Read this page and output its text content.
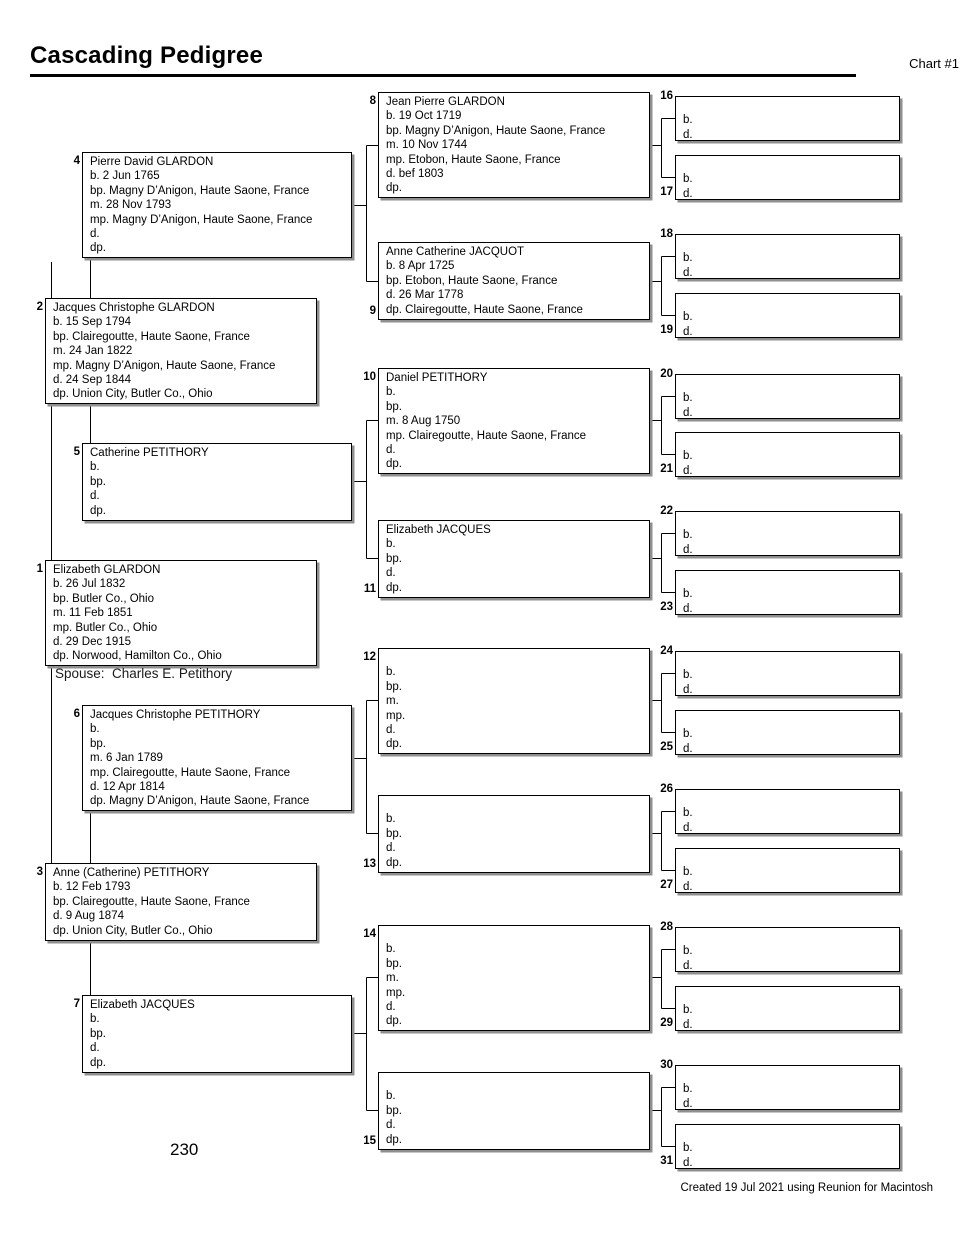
Cascading Pedigree	Chart #1
Elizabeth GLARDON
b. 26 Jul 1832
bp. Butler Co., Ohio
m. 11 Feb 1851
mp. Butler Co., Ohio
d. 29 Dec 1915
dp. Norwood, Hamilton Co., Ohio
1
Jacques Christophe GLARDON
b. 15 Sep 1794
bp. Clairegoutte, Haute Saone, France
m. 24 Jan 1822
mp. Magny D’Anigon, Haute Saone, France
d. 24 Sep 1844
dp. Union City, Butler Co., Ohio
2
Anne (Catherine) PETITHORY
b. 12 Feb 1793
bp. Clairegoutte, Haute Saone, France
d. 9 Aug 1874
dp. Union City, Butler Co., Ohio
3
Pierre David GLARDON
b. 2 Jun 1765
bp. Magny D’Anigon, Haute Saone, France
m. 28 Nov 1793
mp. Magny D’Anigon, Haute Saone, France
d.
dp.
4
Catherine PETITHORY
b.
bp.
d.
dp.
5
Jacques Christophe PETITHORY
b.
bp.
m. 6 Jan 1789
mp. Clairegoutte, Haute Saone, France
d. 12 Apr 1814
dp. Magny D’Anigon, Haute Saone, France
6
Elizabeth JACQUES
b.
bp.
d.
dp.
7
Jean Pierre GLARDON
b. 19 Oct 1719
bp. Magny D’Anigon, Haute Saone, France
m. 10 Nov 1744
mp. Etobon, Haute Saone, France
d. bef 1803
dp.
8
Anne Catherine JACQUOT
b. 8 Apr 1725
bp. Etobon, Haute Saone, France
d. 26 Mar 1778
dp. Clairegoutte, Haute Saone, France
9
Daniel PETITHORY
b.
bp.
m. 8 Aug 1750
mp. Clairegoutte, Haute Saone, France
d.
dp.
10
Elizabeth JACQUES
b.
bp.
d.
dp.
11
b.
bp.
m.
mp.
d.
dp.
12
b.
bp.
d.
dp.
13
b.
bp.
m.
mp.
d.
dp.
14
b.
bp.
d.
dp.
15
b.
d.
16
b.
d.
17
b.
d.
18
b.
d.
19
b.
d.
20
b.
d.
21
b.
d.
22
b.
d.
23
b.
d.
24
b.
d.
25
b.
d.
26
b.
d.
27
b.
d.
28
b.
d.
29
b.
d.
30
b.
d.
31
Spouse:  Charles E. Petithory
230
Created 19 Jul 2021 using Reunion for Macintosh
